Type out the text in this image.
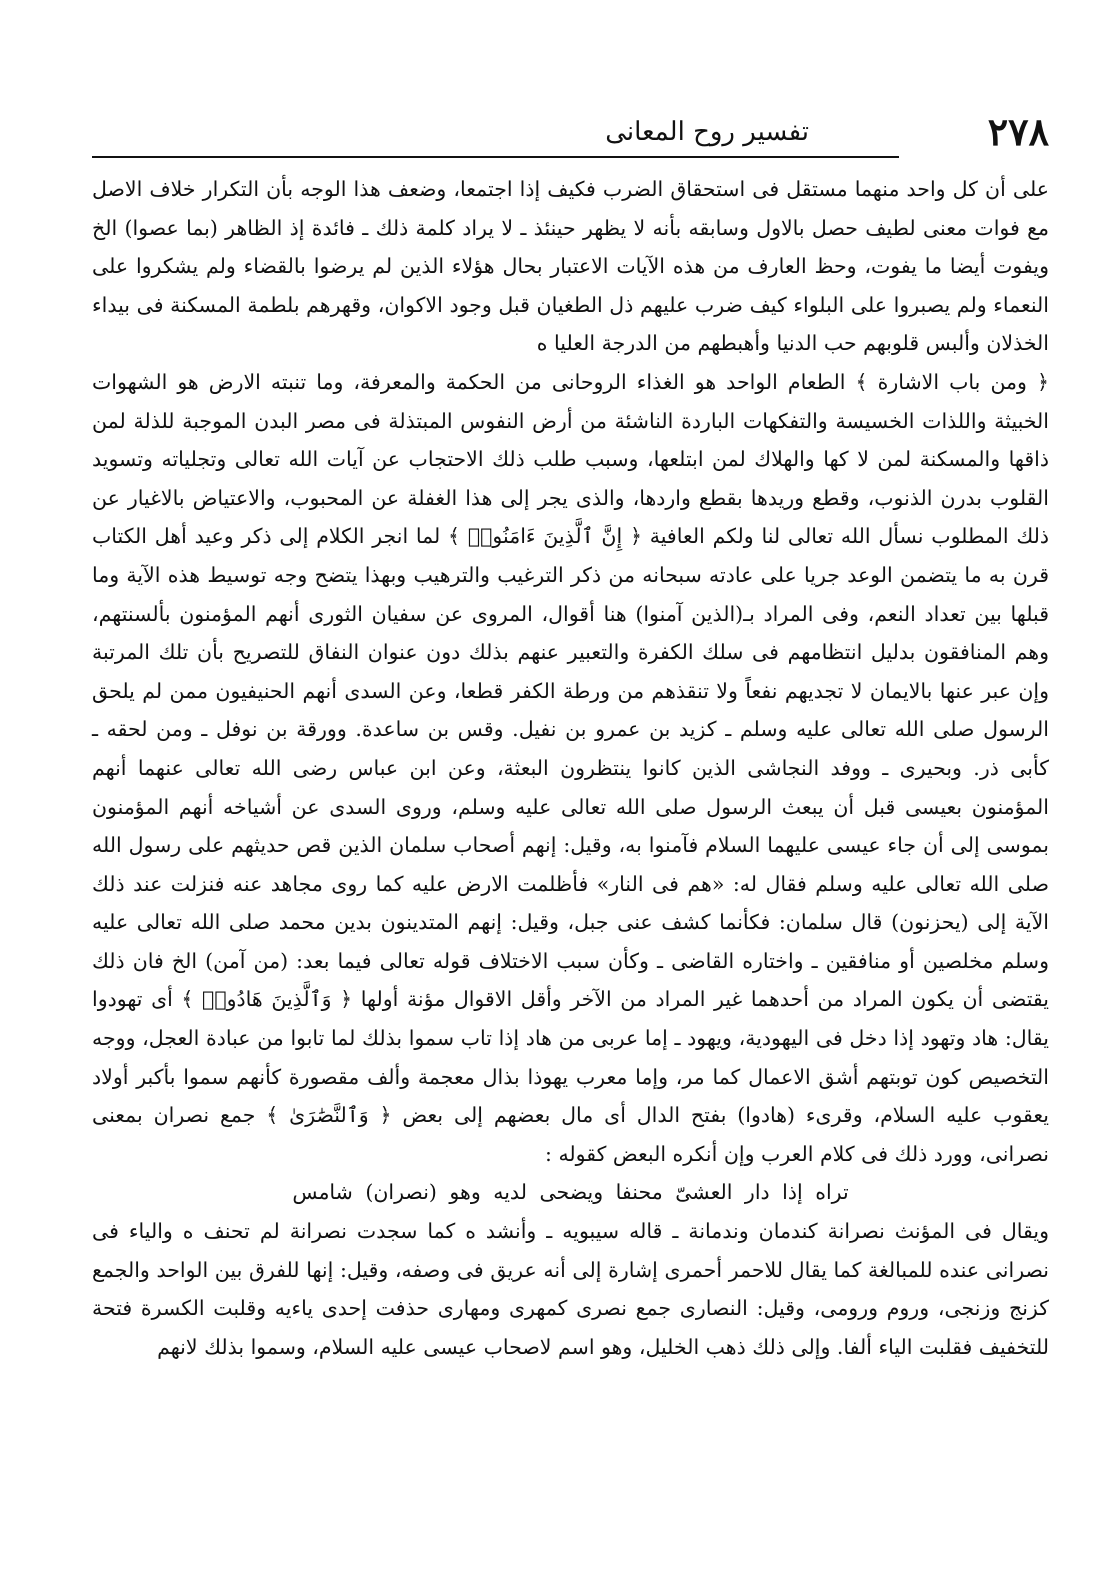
٢٧٨
تفسير روح المعانى

على أن كل واحد منهما مستقل فى استحقاق الضرب فكيف إذا اجتمعا، وضعف هذا الوجه بأن التكرار خلاف الاصل مع فوات معنى لطيف حصل بالاول وسابقه بأنه لا يظهر حينئذ ـ لا يراد كلمة ذلك ـ فائدة إذ الظاهر (بما عصوا) الخ ويفوت أيضا ما يفوت، وحظ العارف من هذه الآيات الاعتبار بحال هؤلاء الذين لم يرضوا بالقضاء ولم يشكروا على النعماء ولم يصبروا على البلواء كيف ضرب عليهم ذل الطغيان قبل وجود الاكوان، وقهرهم بلطمة المسكنة فى بيداء الخذلان وألبس قلوبهم حب الدنيا وأهبطهم من الدرجة العليا ه

﴿ ومن باب الاشارة ﴾ الطعام الواحد هو الغذاء الروحانى من الحكمة والمعرفة، وما تنبته الارض هو الشهوات الخبيثة واللذات الخسيسة والتفكهات الباردة الناشئة من أرض النفوس المبتذلة فى مصر البدن الموجبة للذلة لمن ذاقها والمسكنة لمن لا كها والهلاك لمن ابتلعها، وسبب طلب ذلك الاحتجاب عن آيات الله تعالى وتجلياته وتسويد القلوب بدرن الذنوب، وقطع وريدها بقطع واردها، والذى يجر إلى هذا الغفلة عن المحبوب، والاعتياض بالاغيار عن ذلك المطلوب نسأل الله تعالى لنا ولكم العافية ﴿ إِنَّ ٱلَّذِينَ ءَامَنُوا۟ ﴾ لما انجر الكلام إلى ذكر وعيد أهل الكتاب قرن به ما يتضمن الوعد جريا على عادته سبحانه من ذكر الترغيب والترهيب وبهذا يتضح وجه توسيط هذه الآية وما قبلها بين تعداد النعم، وفى المراد بـ(الذين آمنوا) هنا أقوال، المروى عن سفيان الثورى أنهم المؤمنون بألسنتهم، وهم المنافقون بدليل انتظامهم فى سلك الكفرة والتعبير عنهم بذلك دون عنوان النفاق للتصريح بأن تلك المرتبة وإن عبر عنها بالايمان لا تجديهم نفعاً ولا تنقذهم من ورطة الكفر قطعا، وعن السدى أنهم الحنيفيون ممن لم يلحق الرسول صلى الله تعالى عليه وسلم ـ كزيد بن عمرو بن نفيل. وقس بن ساعدة. وورقة بن نوفل ـ ومن لحقه ـ كأبى ذر. وبحيرى ـ ووفد النجاشى الذين كانوا ينتظرون البعثة، وعن ابن عباس رضى الله تعالى عنهما أنهم المؤمنون بعيسى قبل أن يبعث الرسول صلى الله تعالى عليه وسلم، وروى السدى عن أشياخه أنهم المؤمنون بموسى إلى أن جاء عيسى عليهما السلام فآمنوا به، وقيل: إنهم أصحاب سلمان الذين قص حديثهم على رسول الله صلى الله تعالى عليه وسلم فقال له: «هم فى النار» فأظلمت الارض عليه كما روى مجاهد عنه فنزلت عند ذلك الآية إلى (يحزنون) قال سلمان: فكأنما كشف عنى جبل، وقيل: إنهم المتدينون بدين محمد صلى الله تعالى عليه وسلم مخلصين أو منافقين ـ واختاره القاضى ـ وكأن سبب الاختلاف قوله تعالى فيما بعد: (من آمن) الخ فان ذلك يقتضى أن يكون المراد من أحدهما غير المراد من الآخر وأقل الاقوال مؤنة أولها ﴿ وَٱلَّذِينَ هَادُوا۟ ﴾ أى تهودوا يقال: هاد وتهود إذا دخل فى اليهودية، ويهود ـ إما عربى من هاد إذا تاب سموا بذلك لما تابوا من عبادة العجل، ووجه التخصيص كون توبتهم أشق الاعمال كما مر، وإما معرب يهوذا بذال معجمة وألف مقصورة كأنهم سموا بأكبر أولاد يعقوب عليه السلام، وقرىء (هادوا) بفتح الدال أى مال بعضهم إلى بعض ﴿ وَٱلنَّصَٰرَىٰ ﴾ جمع نصران بمعنى نصرانى، وورد ذلك فى كلام العرب وإن أنكره البعض كقوله :

تراه إذا دار العشىّ محنفا ويضحى لديه وهو (نصران) شامس

ويقال فى المؤنث نصرانة كندمان وندمانة ـ قاله سيبويه ـ وأنشد ه كما سجدت نصرانة لم تحنف ه والياء فى نصرانى عنده للمبالغة كما يقال للاحمر أحمرى إشارة إلى أنه عريق فى وصفه، وقيل: إنها للفرق بين الواحد والجمع كزنج وزنجى، وروم ورومى، وقيل: النصارى جمع نصرى كمهرى ومهارى حذفت إحدى ياءيه وقلبت الكسرة فتحة للتخفيف فقلبت الياء ألفا. وإلى ذلك ذهب الخليل، وهو اسم لاصحاب عيسى عليه السلام، وسموا بذلك لانهم
